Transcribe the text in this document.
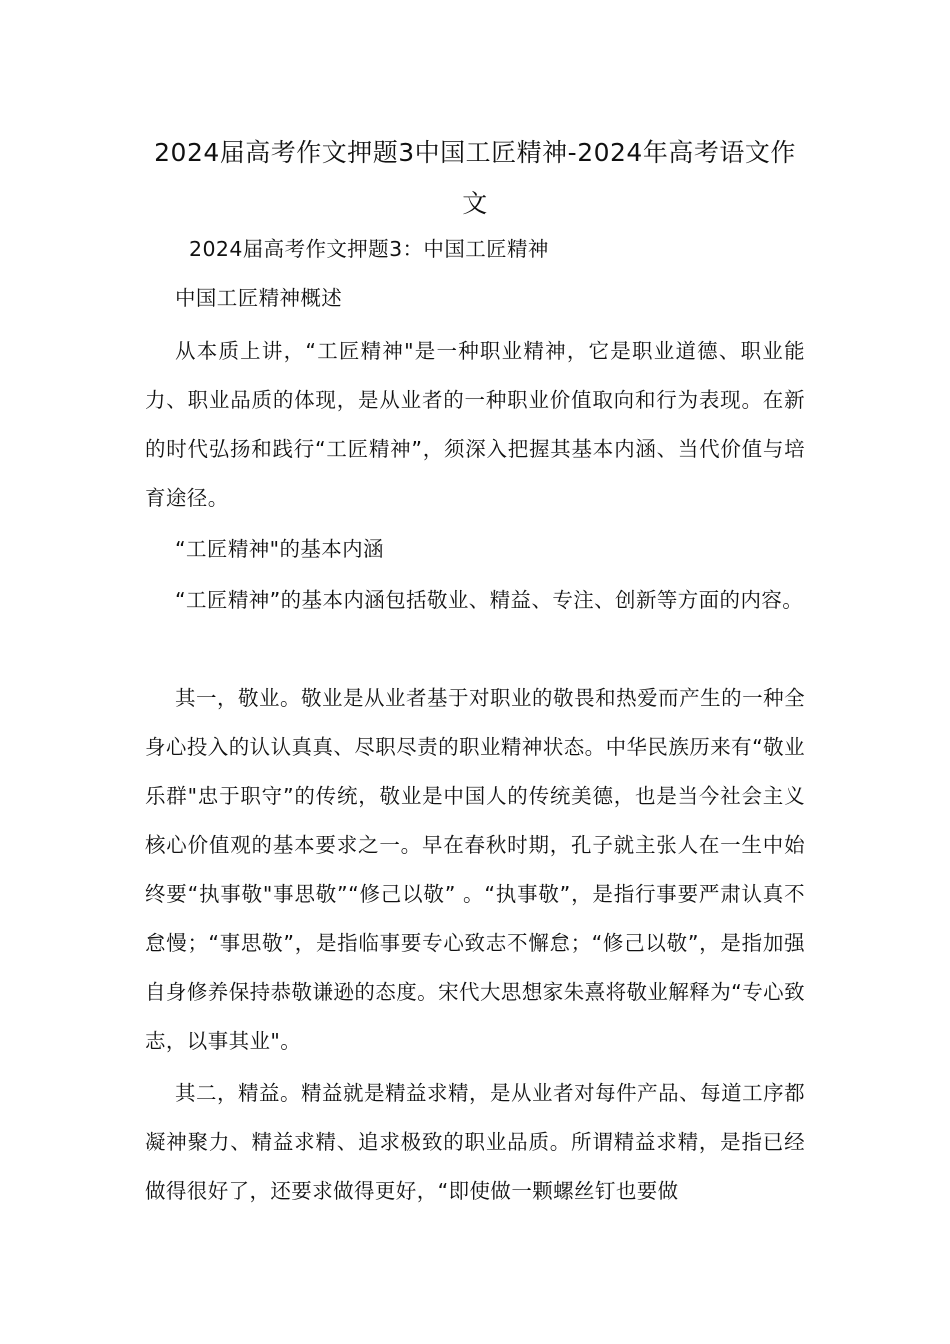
2024届高考作文押题3中国工匠精神-2024年高考语文作文

2024届高考作文押题3：中国工匠精神

中国工匠精神概述

从本质上讲，“工匠精神"是一种职业精神，它是职业道德、职业能力、职业品质的体现，是从业者的一种职业价值取向和行为表现。在新的时代弘扬和践行“工匠精神”，须深入把握其基本内涵、当代价值与培育途径。

“工匠精神"的基本内涵

“工匠精神”的基本内涵包括敬业、精益、专注、创新等方面的内容。

其一，敬业。敬业是从业者基于对职业的敬畏和热爱而产生的一种全身心投入的认认真真、尽职尽责的职业精神状态。中华民族历来有“敬业乐群"忠于职守”的传统，敬业是中国人的传统美德，也是当今社会主义核心价值观的基本要求之一。早在春秋时期，孔子就主张人在一生中始终要“执事敬"事思敬”“修己以敬” 。“执事敬”，是指行事要严肃认真不怠慢；“事思敬”，是指临事要专心致志不懈怠；“修己以敬”，是指加强自身修养保持恭敬谦逊的态度。宋代大思想家朱熹将敬业解释为“专心致志，以事其业"。

其二，精益。精益就是精益求精，是从业者对每件产品、每道工序都凝神聚力、精益求精、追求极致的职业品质。所谓精益求精，是指已经做得很好了，还要求做得更好，“即使做一颗螺丝钉也要做
